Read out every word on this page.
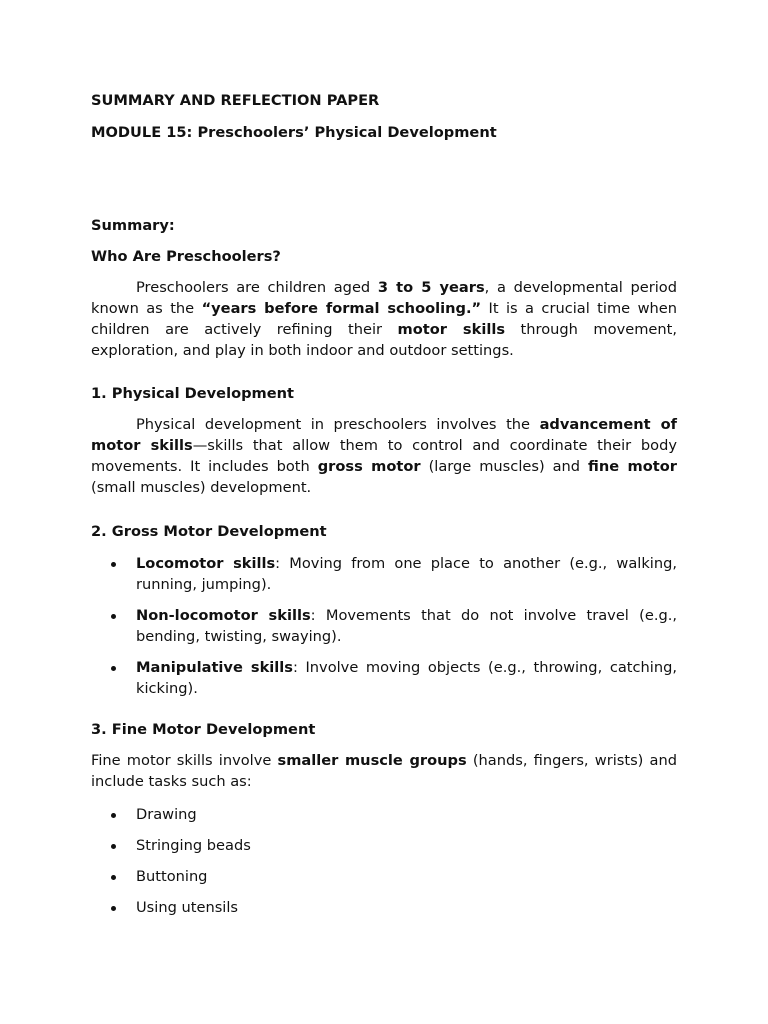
SUMMARY AND REFLECTION PAPER
MODULE 15: Preschoolers’ Physical Development
Summary:
Who Are Preschoolers?
Preschoolers are children aged 3 to 5 years, a developmental period known as the “years before formal schooling.” It is a crucial time when children are actively refining their motor skills through movement, exploration, and play in both indoor and outdoor settings.
1. Physical Development
Physical development in preschoolers involves the advancement of motor skills—skills that allow them to control and coordinate their body movements. It includes both gross motor (large muscles) and fine motor (small muscles) development.
2. Gross Motor Development
Locomotor skills: Moving from one place to another (e.g., walking, running, jumping).
Non-locomotor skills: Movements that do not involve travel (e.g., bending, twisting, swaying).
Manipulative skills: Involve moving objects (e.g., throwing, catching, kicking).
3. Fine Motor Development
Fine motor skills involve smaller muscle groups (hands, fingers, wrists) and include tasks such as:
Drawing
Stringing beads
Buttoning
Using utensils
